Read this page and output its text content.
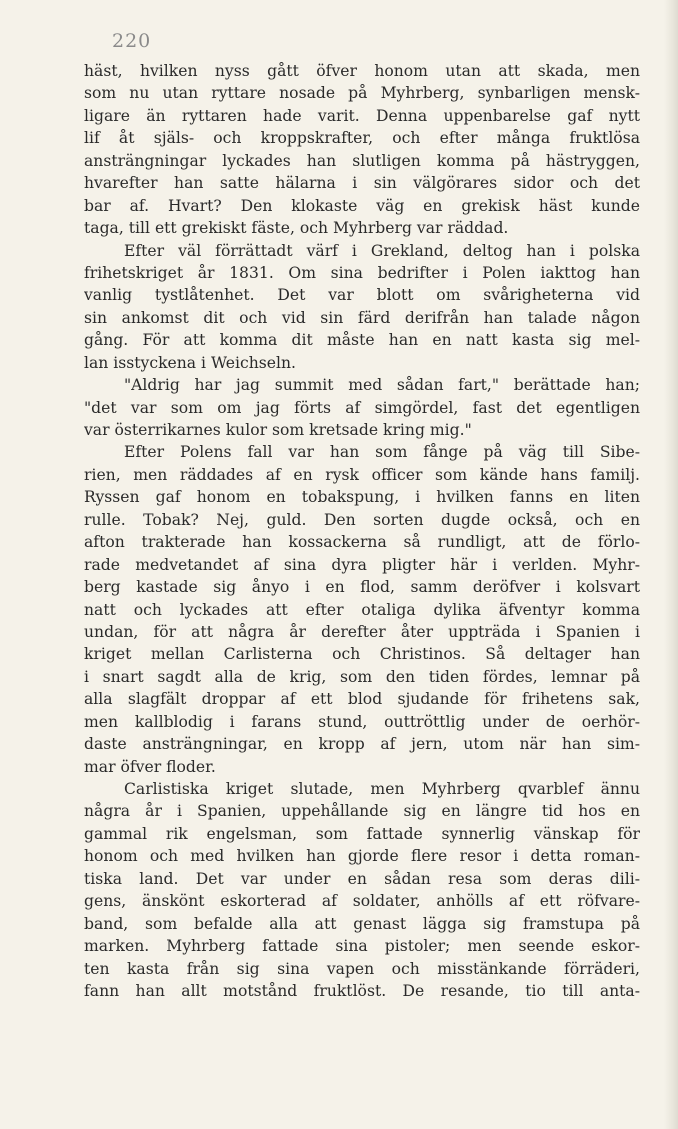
220
häst, hvilken nyss gått öfver honom utan att skada, men
som nu utan ryttare nosade på Myhrberg, synbarligen mensk-
ligare än ryttaren hade varit. Denna uppenbarelse gaf nytt
lif åt själs- och kroppskrafter, och efter många fruktlösa
ansträngningar lyckades han slutligen komma på hästryggen,
hvarefter han satte hälarna i sin välgörares sidor och det
bar af. Hvart? Den klokaste väg en grekisk häst kunde
taga, till ett grekiskt fäste, och Myhrberg var räddad.
Efter väl förrättadt värf i Grekland, deltog han i polska
frihetskriget år 1831. Om sina bedrifter i Polen iakttog han
vanlig tystlåtenhet. Det var blott om svårigheterna vid
sin ankomst dit och vid sin färd derifrån han talade någon
gång. För att komma dit måste han en natt kasta sig mel-
lan isstyckena i Weichseln.
"Aldrig har jag summit med sådan fart," berättade han;
"det var som om jag förts af simgördel, fast det egentligen
var österrikarnes kulor som kretsade kring mig."
Efter Polens fall var han som fånge på väg till Sibe-
rien, men räddades af en rysk officer som kände hans familj.
Ryssen gaf honom en tobakspung, i hvilken fanns en liten
rulle. Tobak? Nej, guld. Den sorten dugde också, och en
afton trakterade han kossackerna så rundligt, att de förlo-
rade medvetandet af sina dyra pligter här i verlden. Myhr-
berg kastade sig ånyo i en flod, samm deröfver i kolsvart
natt och lyckades att efter otaliga dylika äfventyr komma
undan, för att några år derefter åter uppträda i Spanien i
kriget mellan Carlisterna och Christinos. Så deltager han
i snart sagdt alla de krig, som den tiden fördes, lemnar på
alla slagfält droppar af ett blod sjudande för frihetens sak,
men kallblodig i farans stund, outtröttlig under de oerhör-
daste ansträngningar, en kropp af jern, utom när han sim-
mar öfver floder.
Carlistiska kriget slutade, men Myhrberg qvarblef ännu
några år i Spanien, uppehållande sig en längre tid hos en
gammal rik engelsman, som fattade synnerlig vänskap för
honom och med hvilken han gjorde flere resor i detta roman-
tiska land. Det var under en sådan resa som deras dili-
gens, änskönt eskorterad af soldater, anhölls af ett röfvare-
band, som befalde alla att genast lägga sig framstupa på
marken. Myhrberg fattade sina pistoler; men seende eskor-
ten kasta från sig sina vapen och misstänkande förräderi,
fann han allt motstånd fruktlöst. De resande, tio till anta-
